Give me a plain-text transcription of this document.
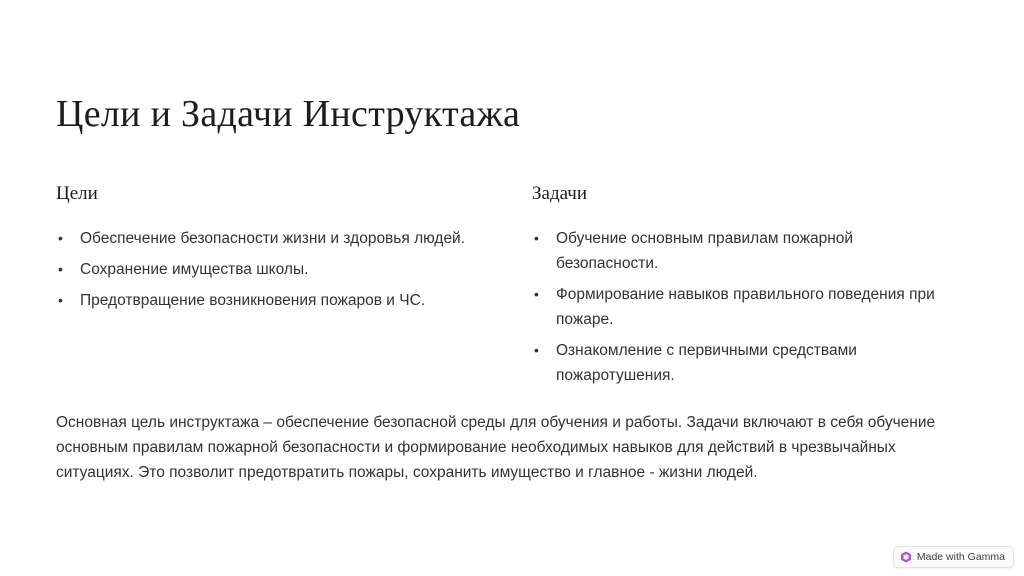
Цели и Задачи Инструктажа
Цели
• Обеспечение безопасности жизни и здоровья людей.
• Сохранение имущества школы.
• Предотвращение возникновения пожаров и ЧС.
Задачи
• Обучение основным правилам пожарной безопасности.
• Формирование навыков правильного поведения при пожаре.
• Ознакомление с первичными средствами пожаротушения.

Основная цель инструктажа – обеспечение безопасной среды для обучения и работы. Задачи включают в себя обучение основным правилам пожарной безопасности и формирование необходимых навыков для действий в чрезвычайных ситуациях. Это позволит предотвратить пожары, сохранить имущество и главное - жизни людей.

Made with Gamma
